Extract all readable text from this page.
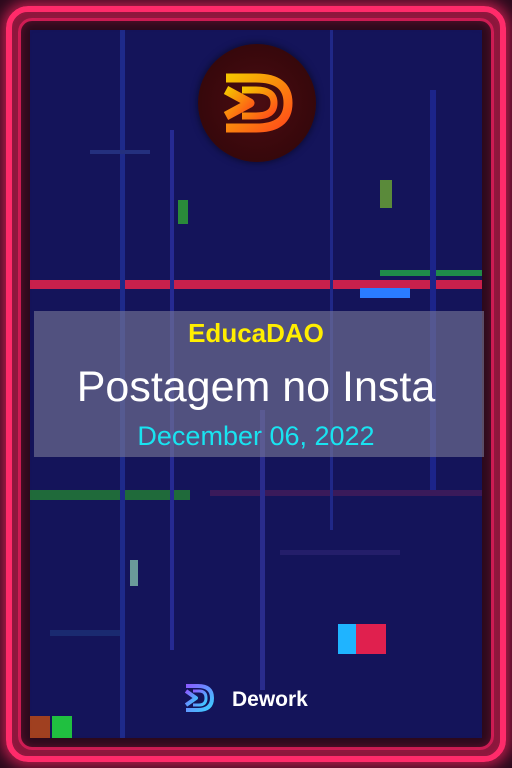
EducaDAO
Postagem no Insta
December 06, 2022
Dework
